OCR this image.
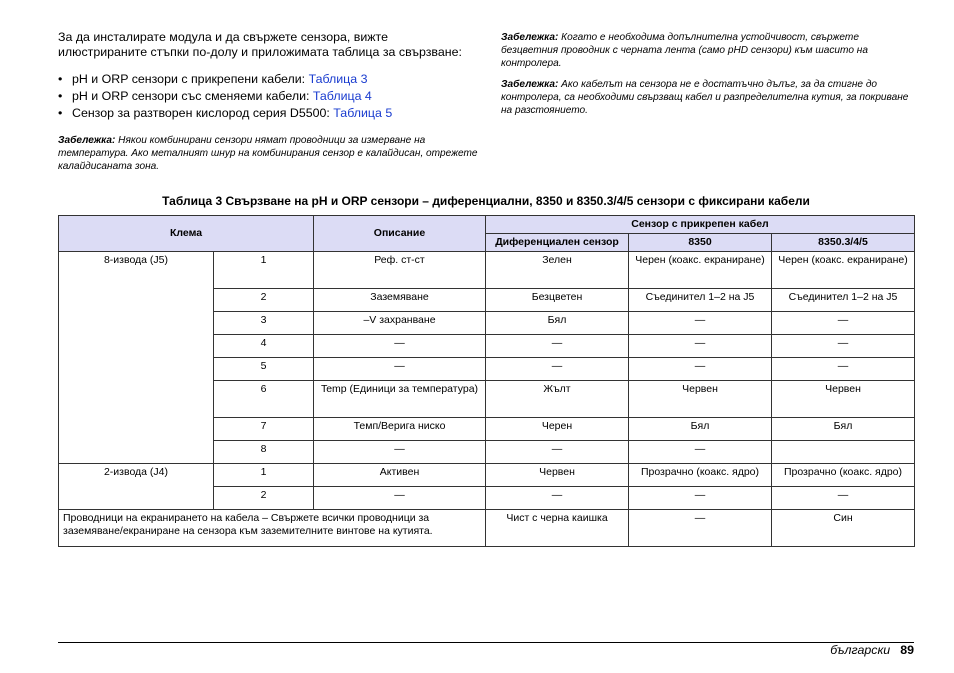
За да инсталирате модула и да свържете сензора, вижте илюстрираните стъпки по-долу и приложимата таблица за свързване:

• pH и ORP сензори с прикрепени кабели: Таблица 3
• pH и ORP сензори със сменяеми кабели: Таблица 4
• Сензор за разтворен кислород серия D5500: Таблица 5

Забележка: Някои комбинирани сензори нямат проводници за измерване на температура. Ако металният шнур на комбинирания сензор е калайдисан, отрежете калайдисаната зона.

Забележка: Когато е необходима допълнителна устойчивост, свържете безцветния проводник с черната лента (само pHD сензори) към шасито на контролера.

Забележка: Ако кабелът на сензора не е достатъчно дълъг, за да стигне до контролера, са необходими свързващ кабел и разпределителна кутия, за покриване на разстоянието.

Таблица 3 Свързване на pH и ORP сензори – диференциални, 8350 и 8350.3/4/5 сензори с фиксирани кабели
Клема		Описание	Сензор с прикрепен кабел		
			Диференциален сензор	8350	8350.3/4/5
8-извода (J5)	1	Реф. ст-ст	Зелен	Черен (коакс. екраниране)	Черен (коакс. екраниране)
	2	Заземяване	Безцветен	Съединител 1–2 на J5	Съединител 1–2 на J5
	3	–V захранване	Бял	—	—
	4	—	—	—	—
	5	—	—	—	—
	6	Temp (Единици за температура)	Жълт	Червен	Червен
	7	Темп/Верига ниско	Черен	Бял	Бял
	8	—	—	—	
2-извода (J4)	1	Активен	Червен	Прозрачно (коакс. ядро)	Прозрачно (коакс. ядро)
	2	—	—	—	—
Проводници на екранирането на кабела – Свържете всички проводници за заземяване/екраниране на сензора към заземителните винтове на кутията.			Чист с черна каишка	—	Син
български 89
